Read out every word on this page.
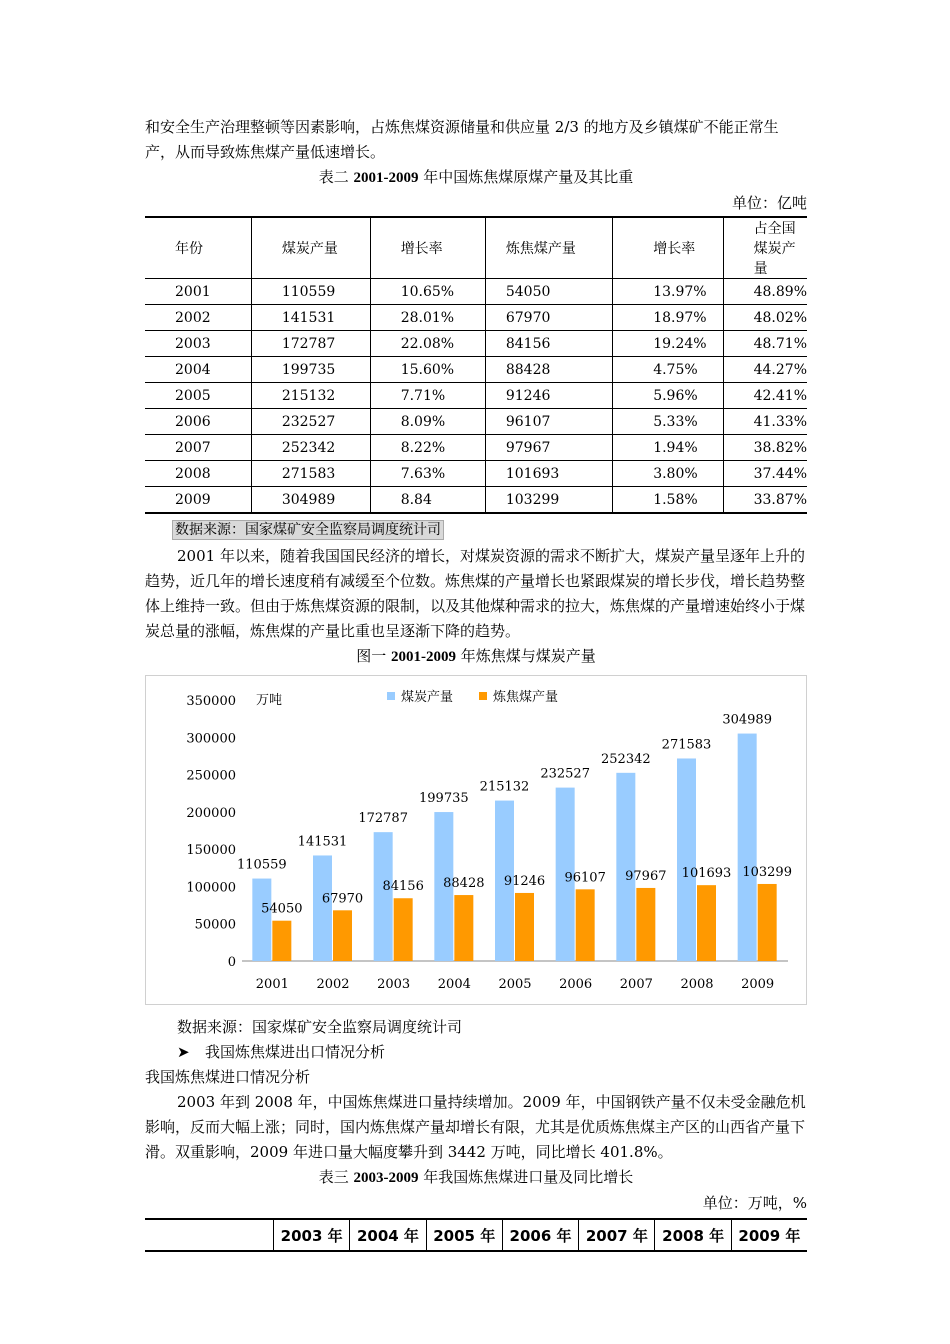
和安全生产治理整顿等因素影响，占炼焦煤资源储量和供应量 2/3 的地方及乡镇煤矿不能正常生产，从而导致炼焦煤产量低速增长。

表二 2001-2009 年中国炼焦煤原煤产量及其比重

单位：亿吨

年份	煤炭产量	增长率	炼焦煤产量	增长率	占全国煤炭产量
2001	110559	10.65%	54050	13.97%	48.89%
2002	141531	28.01%	67970	18.97%	48.02%
2003	172787	22.08%	84156	19.24%	48.71%
2004	199735	15.60%	88428	4.75%	44.27%
2005	215132	7.71%	91246	5.96%	42.41%
2006	232527	8.09%	96107	5.33%	41.33%
2007	252342	8.22%	97967	1.94%	38.82%
2008	271583	7.63%	101693	3.80%	37.44%
2009	304989	8.84	103299	1.58%	33.87%
数据来源：国家煤矿安全监察局调度统计司

2001 年以来，随着我国国民经济的增长，对煤炭资源的需求不断扩大，煤炭产量呈逐年上升的趋势，近几年的增长速度稍有减缓至个位数。炼焦煤的产量增长也紧跟煤炭的增长步伐，增长趋势整体上维持一致。但由于炼焦煤资源的限制，以及其他煤种需求的拉大，炼焦煤的产量增速始终小于煤炭总量的涨幅，炼焦煤的产量比重也呈逐渐下降的趋势。

图一 2001-2009 年炼焦煤与煤炭产量

0
50000
100000
150000
200000
250000
300000
350000 万吨	煤炭产量	炼焦煤产量
2001
110559
54050
2002
141531
67970
2003
172787
84156
2004
199735
88428
2005
215132
91246
2006
232527
96107
2007
252342
97967
2008
271583
101693
2009
304989
103299

数据来源：国家煤矿安全监察局调度统计司

➤ 我国炼焦煤进出口情况分析

我国炼焦煤进口情况分析

2003 年到 2008 年，中国炼焦煤进口量持续增加。2009 年，中国钢铁产量不仅未受金融危机影响，反而大幅上涨；同时，国内炼焦煤产量却增长有限，尤其是优质炼焦煤主产区的山西省产量下滑。双重影响，2009 年进口量大幅度攀升到 3442 万吨，同比增长 401.8%。

表三 2003-2009 年我国炼焦煤进口量及同比增长

单位：万吨，%

	2003 年	2004 年	2005 年	2006 年	2007 年	2008 年	2009 年
